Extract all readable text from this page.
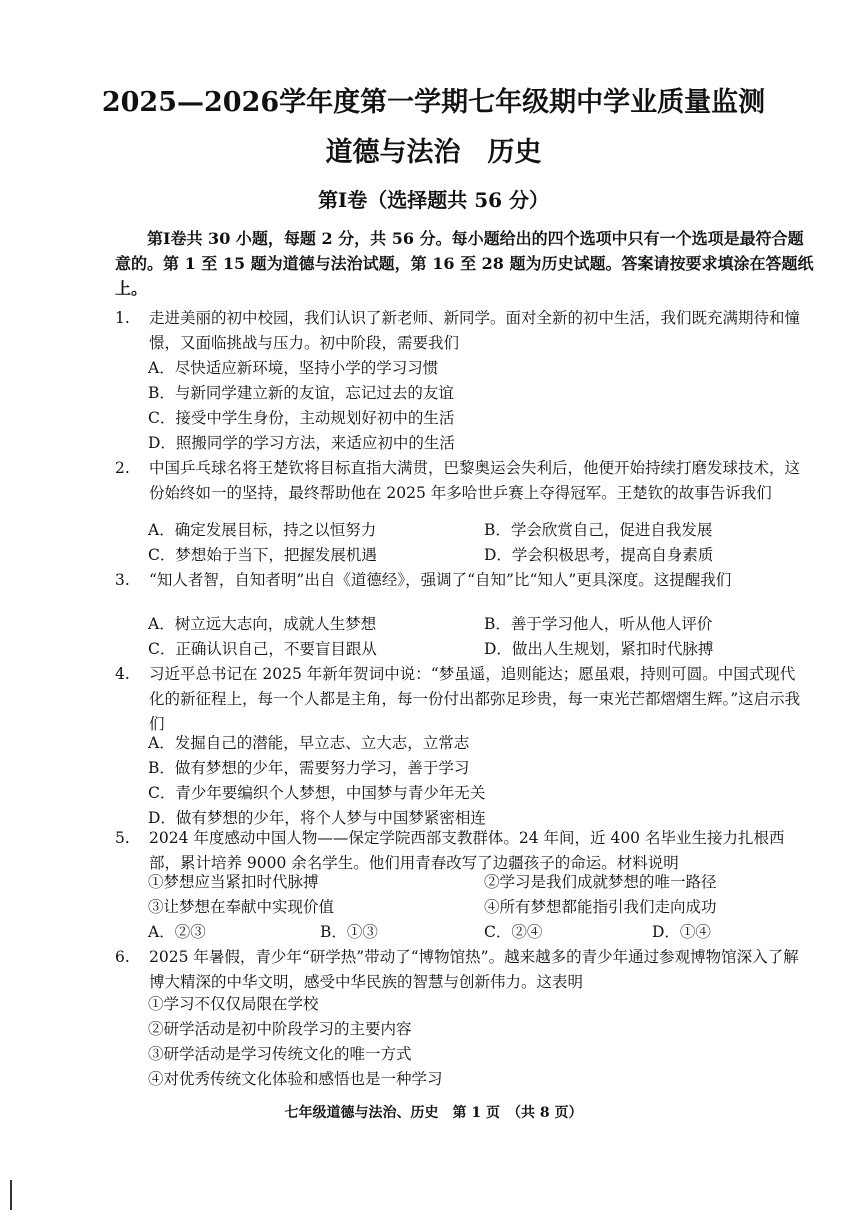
2025—2026学年度第一学期七年级期中学业质量监测
道德与法治　历史
第Ⅰ卷（选择题共 56 分）
第Ⅰ卷共 30 小题，每题 2 分，共 56 分。每小题给出的四个选项中只有一个选项是最符合题意的。第 1 至 15 题为道德与法治试题，第 16 至 28 题为历史试题。答案请按要求填涂在答题纸上。
1. 走进美丽的初中校园，我们认识了新老师、新同学。面对全新的初中生活，我们既充满期待和憧憬，又面临挑战与压力。初中阶段，需要我们
A．尽快适应新环境，坚持小学的学习习惯
B．与新同学建立新的友谊，忘记过去的友谊
C．接受中学生身份，主动规划好初中的生活
D．照搬同学的学习方法，来适应初中的生活
2. 中国乒乓球名将王楚钦将目标直指大满贯，巴黎奥运会失利后，他便开始持续打磨发球技术，这份始终如一的坚持，最终帮助他在 2025 年多哈世乒赛上夺得冠军。王楚钦的故事告诉我们
A．确定发展目标，持之以恒努力	B．学会欣赏自己，促进自我发展
C．梦想始于当下，把握发展机遇	D．学会积极思考，提高自身素质
3. “知人者智，自知者明”出自《道德经》，强调了“自知”比“知人”更具深度。这提醒我们
A．树立远大志向，成就人生梦想	B．善于学习他人，听从他人评价
C．正确认识自己，不要盲目跟从	D．做出人生规划，紧扣时代脉搏
4. 习近平总书记在 2025 年新年贺词中说：“梦虽遥，追则能达；愿虽艰，持则可圆。中国式现代化的新征程上，每一个人都是主角，每一份付出都弥足珍贵，每一束光芒都熠熠生辉。”这启示我们
A．发掘自己的潜能，早立志、立大志，立常志
B．做有梦想的少年，需要努力学习，善于学习
C．青少年要编织个人梦想，中国梦与青少年无关
D．做有梦想的少年，将个人梦与中国梦紧密相连
5. 2024 年度感动中国人物——保定学院西部支教群体。24 年间，近 400 名毕业生接力扎根西部，累计培养 9000 余名学生。他们用青春改写了边疆孩子的命运。材料说明
①梦想应当紧扣时代脉搏	②学习是我们成就梦想的唯一路径
③让梦想在奉献中实现价值	④所有梦想都能指引我们走向成功
A．②③	B．①③	C．②④	D．①④
6. 2025 年暑假，青少年“研学热”带动了“博物馆热”。越来越多的青少年通过参观博物馆深入了解博大精深的中华文明，感受中华民族的智慧与创新伟力。这表明
①学习不仅仅局限在学校
②研学活动是初中阶段学习的主要内容
③研学活动是学习传统文化的唯一方式
④对优秀传统文化体验和感悟也是一种学习
七年级道德与法治、历史　第 1 页　（共 8 页）
